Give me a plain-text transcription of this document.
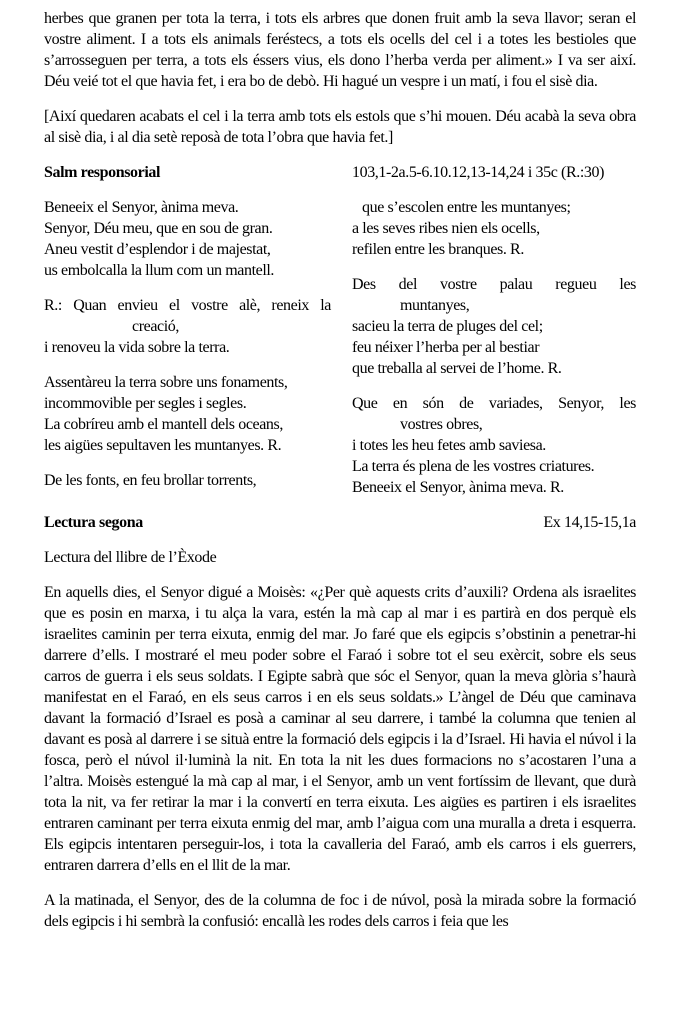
herbes que granen per tota la terra, i tots els arbres que donen fruit amb la seva llavor; seran el vostre aliment. I a tots els animals feréstecs, a tots els ocells del cel i a totes les bestioles que s’arrosseguen per terra, a tots els éssers vius, els dono l’herba verda per aliment.» I va ser així. Déu veié tot el que havia fet, i era bo de debò. Hi hagué un vespre i un matí, i fou el sisè dia.

[Així quedaren acabats el cel i la terra amb tots els estols que s’hi mouen. Déu acabà la seva obra al sisè dia, i al dia setè reposà de tota l’obra que havia fet.]

Salm responsorial	103,1-2a.5-6.10.12,13-14,24 i 35c (R.:30)
Beneeix el Senyor, ànima meva.
Senyor, Déu meu, que en sou de gran.
Aneu vestit d’esplendor i de majestat,
us embolcalla la llum com un mantell.
R.: Quan envieu el vostre alè, reneix la
creació,
i renoveu la vida sobre la terra.
Assentàreu la terra sobre uns fonaments,
incommovible per segles i segles.
La cobríreu amb el mantell dels oceans,
les aigües sepultaven les muntanyes. R.
De les fonts, en feu brollar torrents,
que s’escolen entre les muntanyes;
a les seves ribes nien els ocells,
refilen entre les branques. R.
Des del vostre palau regueu les
muntanyes,
sacieu la terra de pluges del cel;
feu néixer l’herba per al bestiar
que treballa al servei de l’home. R.
Que en són de variades, Senyor, les
vostres obres,
i totes les heu fetes amb saviesa.
La terra és plena de les vostres criatures.
Beneeix el Senyor, ànima meva. R.
Lectura segona	Ex 14,15-15,1a

Lectura del llibre de l’Èxode

En aquells dies, el Senyor digué a Moisès: «¿Per què aquests crits d’auxili? Ordena als israelites que es posin en marxa, i tu alça la vara, estén la mà cap al mar i es partirà en dos perquè els israelites caminin per terra eixuta, enmig del mar. Jo faré que els egipcis s’obstinin a penetrar-hi darrere d’ells. I mostraré el meu poder sobre el Faraó i sobre tot el seu exèrcit, sobre els seus carros de guerra i els seus soldats. I Egipte sabrà que sóc el Senyor, quan la meva glòria s’haurà manifestat en el Faraó, en els seus carros i en els seus soldats.» L’àngel de Déu que caminava davant la formació d’Israel es posà a caminar al seu darrere, i també la columna que tenien al davant es posà al darrere i se situà entre la formació dels egipcis i la d’Israel. Hi havia el núvol i la fosca, però el núvol il·luminà la nit. En tota la nit les dues formacions no s’acostaren l’una a l’altra. Moisès estengué la mà cap al mar, i el Senyor, amb un vent fortíssim de llevant, que durà tota la nit, va fer retirar la mar i la convertí en terra eixuta. Les aigües es partiren i els israelites entraren caminant per terra eixuta enmig del mar, amb l’aigua com una muralla a dreta i esquerra. Els egipcis intentaren perseguir-los, i tota la cavalleria del Faraó, amb els carros i els guerrers, entraren darrera d’ells en el llit de la mar.

A la matinada, el Senyor, des de la columna de foc i de núvol, posà la mirada sobre la formació dels egipcis i hi sembrà la confusió: encallà les rodes dels carros i feia que les
